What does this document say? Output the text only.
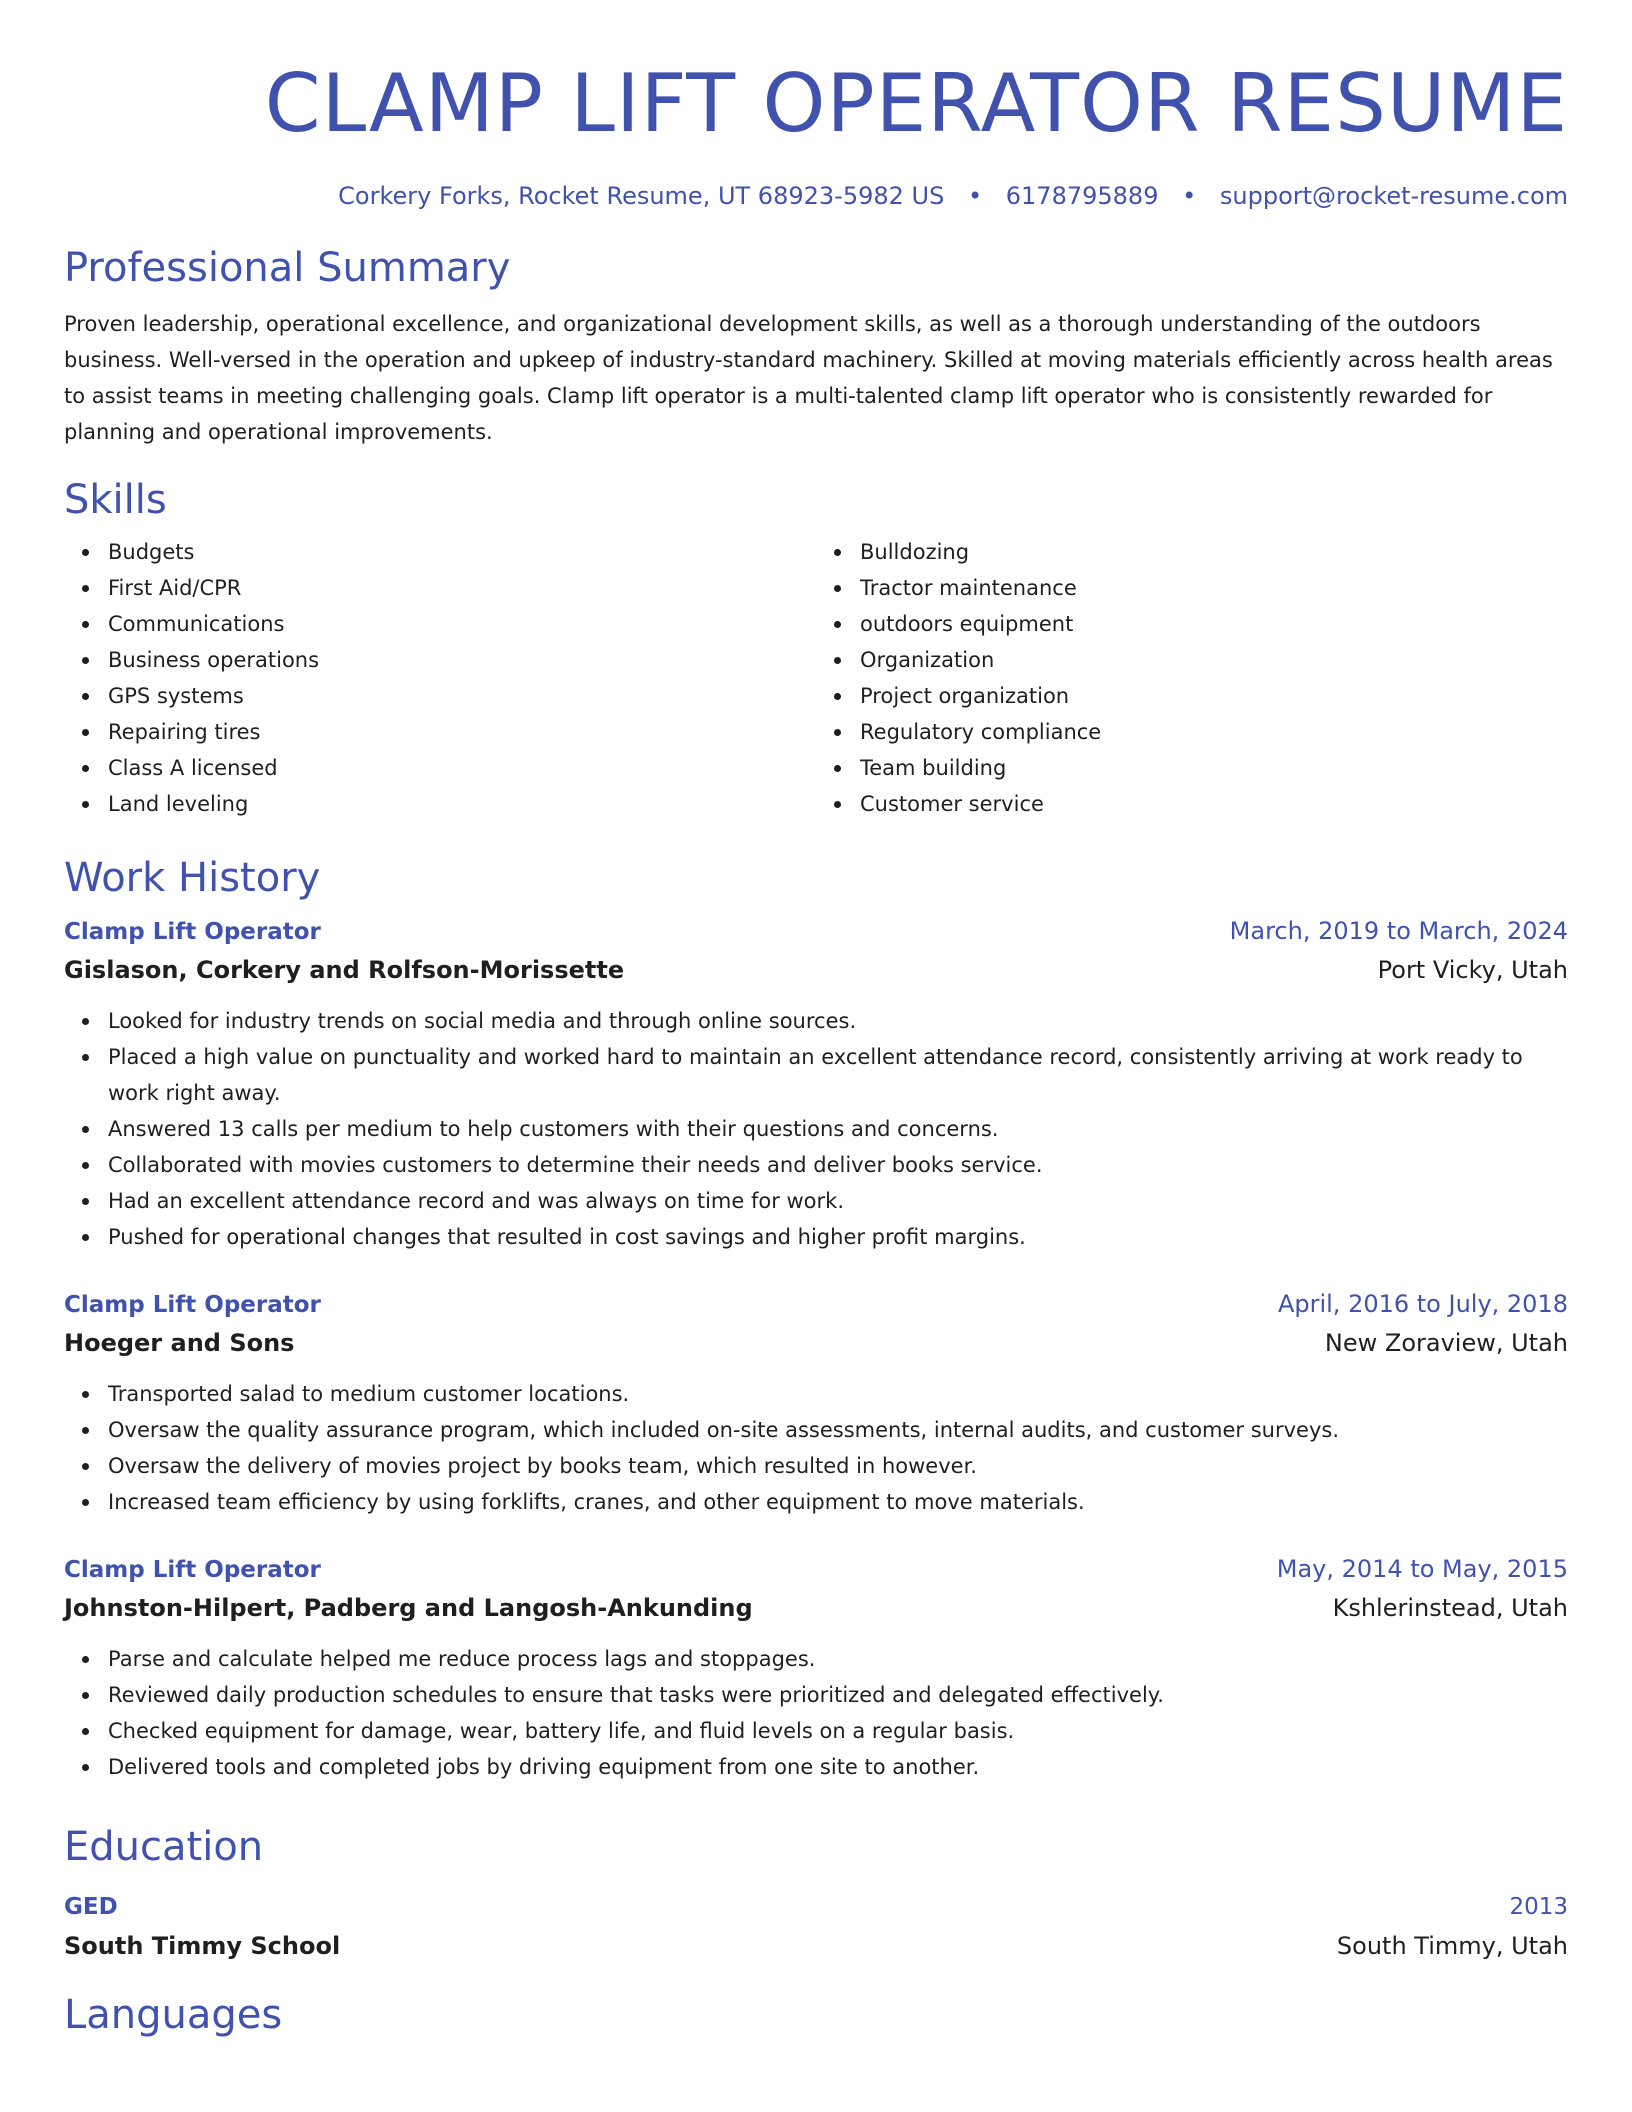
CLAMP LIFT OPERATOR RESUME
Corkery Forks, Rocket Resume, UT 68923-5982 US • 6178795889 • support@rocket-resume.com
Professional Summary

Proven leadership, operational excellence, and organizational development skills, as well as a thorough understanding of the outdoors business. Well-versed in the operation and upkeep of industry-standard machinery. Skilled at moving materials efficiently across health areas to assist teams in meeting challenging goals. Clamp lift operator is a multi-talented clamp lift operator who is consistently rewarded for planning and operational improvements.

Skills
Budgets
First Aid/CPR
Communications
Business operations
GPS systems
Repairing tires
Class A licensed
Land leveling
Bulldozing
Tractor maintenance
outdoors equipment
Organization
Project organization
Regulatory compliance
Team building
Customer service
Work History
Clamp Lift Operator	March, 2019 to March, 2024
Gislason, Corkery and Rolfson-Morissette	Port Vicky, Utah
Looked for industry trends on social media and through online sources.
Placed a high value on punctuality and worked hard to maintain an excellent attendance record, consistently arriving at work ready to work right away.
Answered 13 calls per medium to help customers with their questions and concerns.
Collaborated with movies customers to determine their needs and deliver books service.
Had an excellent attendance record and was always on time for work.
Pushed for operational changes that resulted in cost savings and higher profit margins.
Clamp Lift Operator	April, 2016 to July, 2018
Hoeger and Sons	New Zoraview, Utah
Transported salad to medium customer locations.
Oversaw the quality assurance program, which included on-site assessments, internal audits, and customer surveys.
Oversaw the delivery of movies project by books team, which resulted in however.
Increased team efficiency by using forklifts, cranes, and other equipment to move materials.
Clamp Lift Operator	May, 2014 to May, 2015
Johnston-Hilpert, Padberg and Langosh-Ankunding	Kshlerinstead, Utah
Parse and calculate helped me reduce process lags and stoppages.
Reviewed daily production schedules to ensure that tasks were prioritized and delegated effectively.
Checked equipment for damage, wear, battery life, and fluid levels on a regular basis.
Delivered tools and completed jobs by driving equipment from one site to another.
Education
GED	2013
South Timmy School	South Timmy, Utah
Languages
